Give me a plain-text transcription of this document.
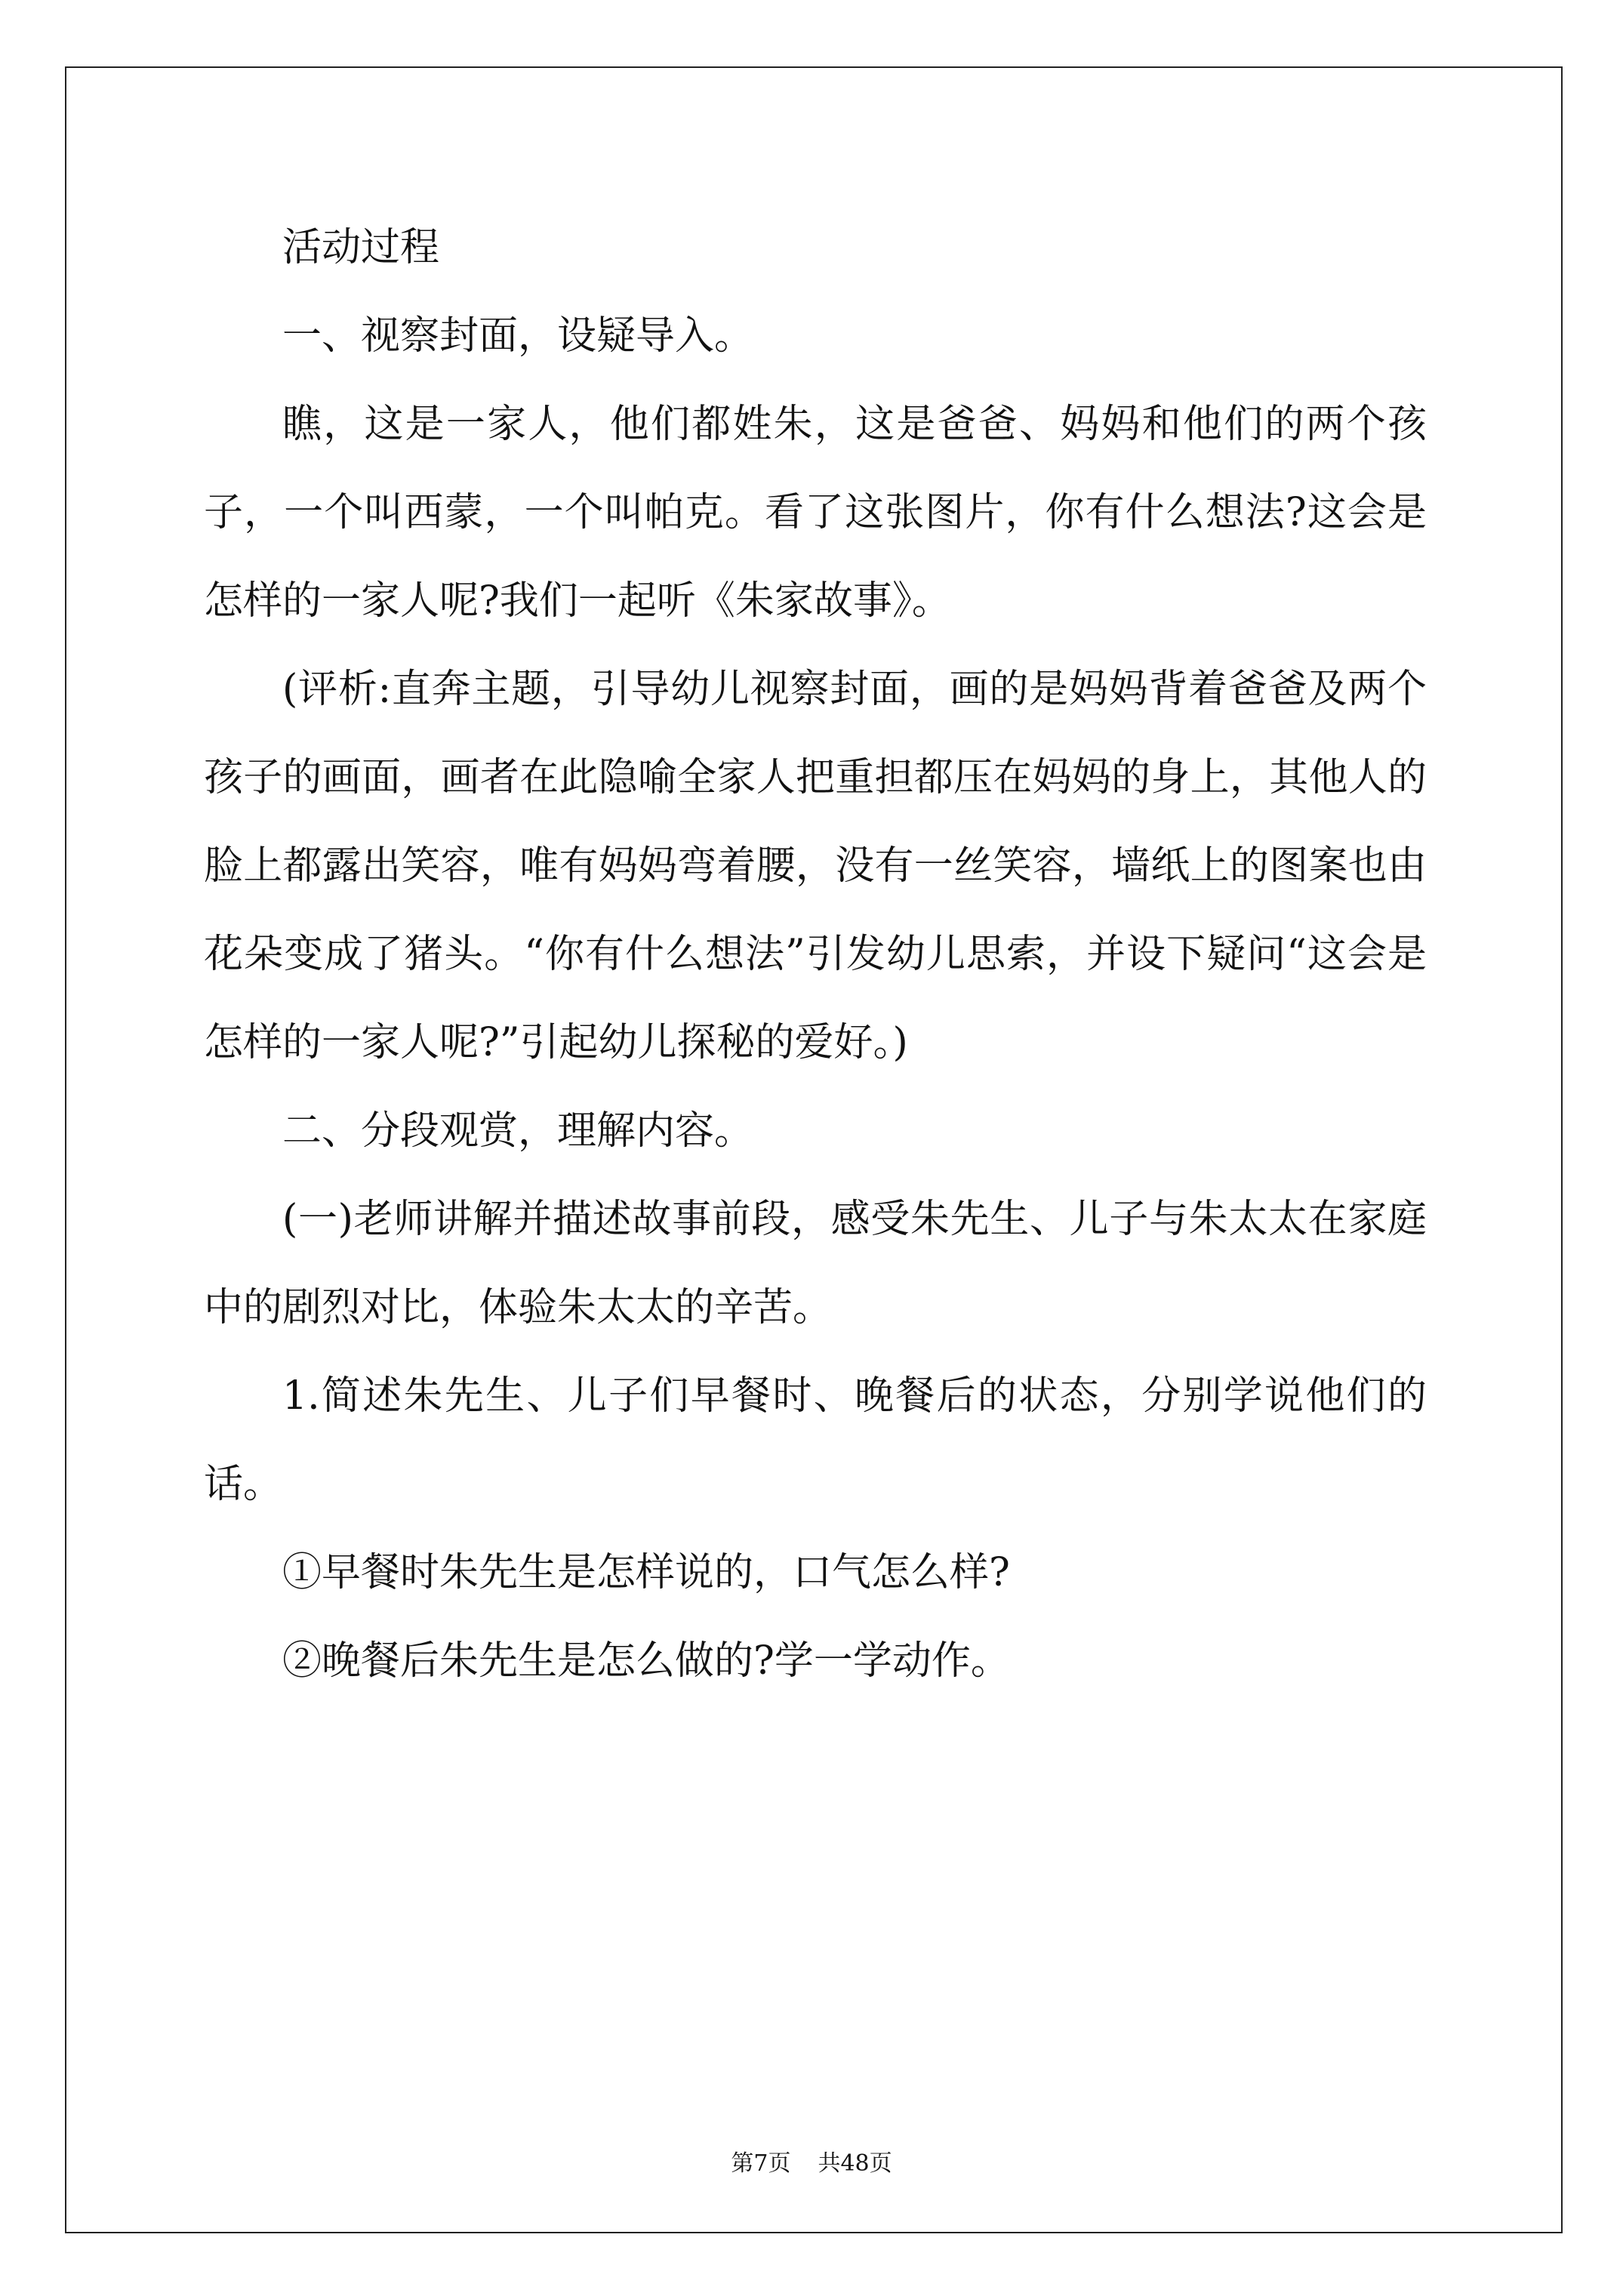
活动过程

一、视察封面，设疑导入。

瞧，这是一家人，他们都姓朱，这是爸爸、妈妈和他们的两个孩子，一个叫西蒙，一个叫帕克。看了这张图片，你有什么想法?这会是怎样的一家人呢?我们一起听《朱家故事》。

(评析:直奔主题，引导幼儿视察封面，画的是妈妈背着爸爸及两个孩子的画面，画者在此隐喻全家人把重担都压在妈妈的身上，其他人的脸上都露出笑容，唯有妈妈弯着腰，没有一丝笑容，墙纸上的图案也由花朵变成了猪头。“你有什么想法”引发幼儿思索，并设下疑问“这会是怎样的一家人呢?”引起幼儿探秘的爱好。)

二、分段观赏，理解内容。

(一)老师讲解并描述故事前段，感受朱先生、儿子与朱太太在家庭中的剧烈对比，体验朱太太的辛苦。

1.简述朱先生、儿子们早餐时、晚餐后的状态，分别学说他们的话。

①早餐时朱先生是怎样说的，口气怎么样?

②晚餐后朱先生是怎么做的?学一学动作。

第7页 共48页
